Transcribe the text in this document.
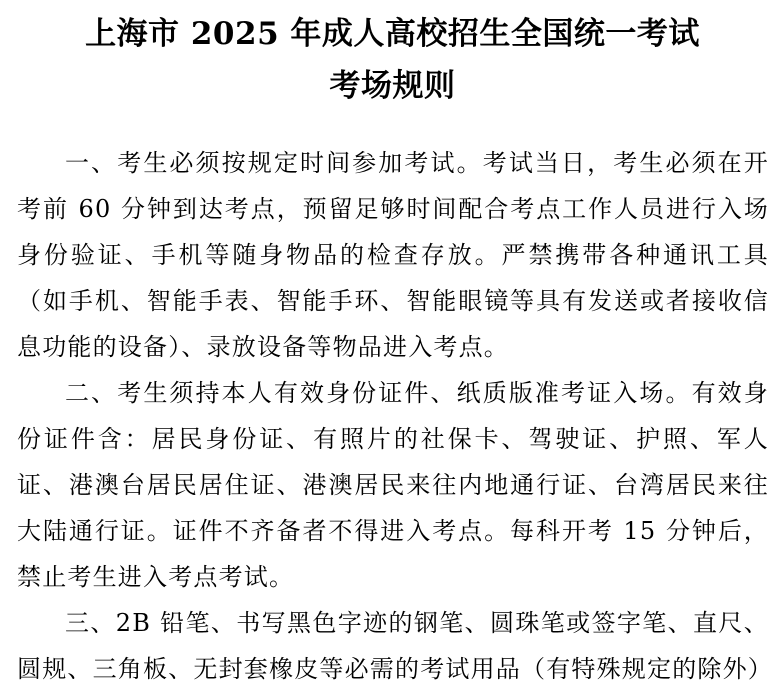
上海市 2025 年成人高校招生全国统一考试
考场规则

一、考生必须按规定时间参加考试。考试当日，考生必须在开考前 60 分钟到达考点，预留足够时间配合考点工作人员进行入场身份验证、手机等随身物品的检查存放。严禁携带各种通讯工具（如手机、智能手表、智能手环、智能眼镜等具有发送或者接收信息功能的设备）、录放设备等物品进入考点。

二、考生须持本人有效身份证件、纸质版准考证入场。有效身份证件含：居民身份证、有照片的社保卡、驾驶证、护照、军人证、港澳台居民居住证、港澳居民来往内地通行证、台湾居民来往大陆通行证。证件不齐备者不得进入考点。每科开考 15 分钟后，禁止考生进入考点考试。

三、2B 铅笔、书写黑色字迹的钢笔、圆珠笔或签字笔、直尺、圆规、三角板、无封套橡皮等必需的考试用品（有特殊规定的除外）
